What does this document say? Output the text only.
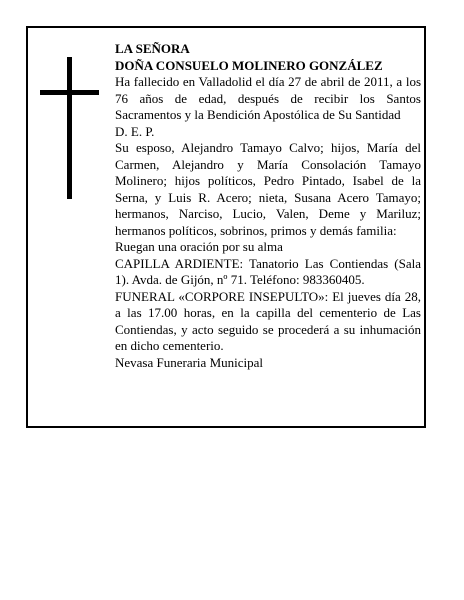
LA SEÑORA

DOÑA CONSUELO MOLINERO GONZÁLEZ

Ha fallecido en Valladolid el día 27 de abril de 2011, a los 76 años de edad, después de recibir los Santos Sacramentos y la Bendición Apostólica de Su Santidad

D. E. P.

Su esposo, Alejandro Tamayo Calvo; hijos, María del Carmen, Alejandro y María Consolación Tamayo Molinero; hijos políticos, Pedro Pintado, Isabel de la Serna, y Luis R. Acero; nieta, Susana Acero Tamayo; hermanos, Narciso, Lucio, Valen, Deme y Mariluz; hermanos políticos, sobrinos, primos y demás familia:

Ruegan una oración por su alma

CAPILLA ARDIENTE: Tanatorio Las Contiendas (Sala 1). Avda. de Gijón, nº 71. Teléfono: 983360405.

FUNERAL «CORPORE INSEPULTO»: El jueves día 28, a las 17.00 horas, en la capilla del cementerio de Las Contiendas, y acto seguido se procederá a su inhumación en dicho cementerio.

Nevasa Funeraria Municipal
